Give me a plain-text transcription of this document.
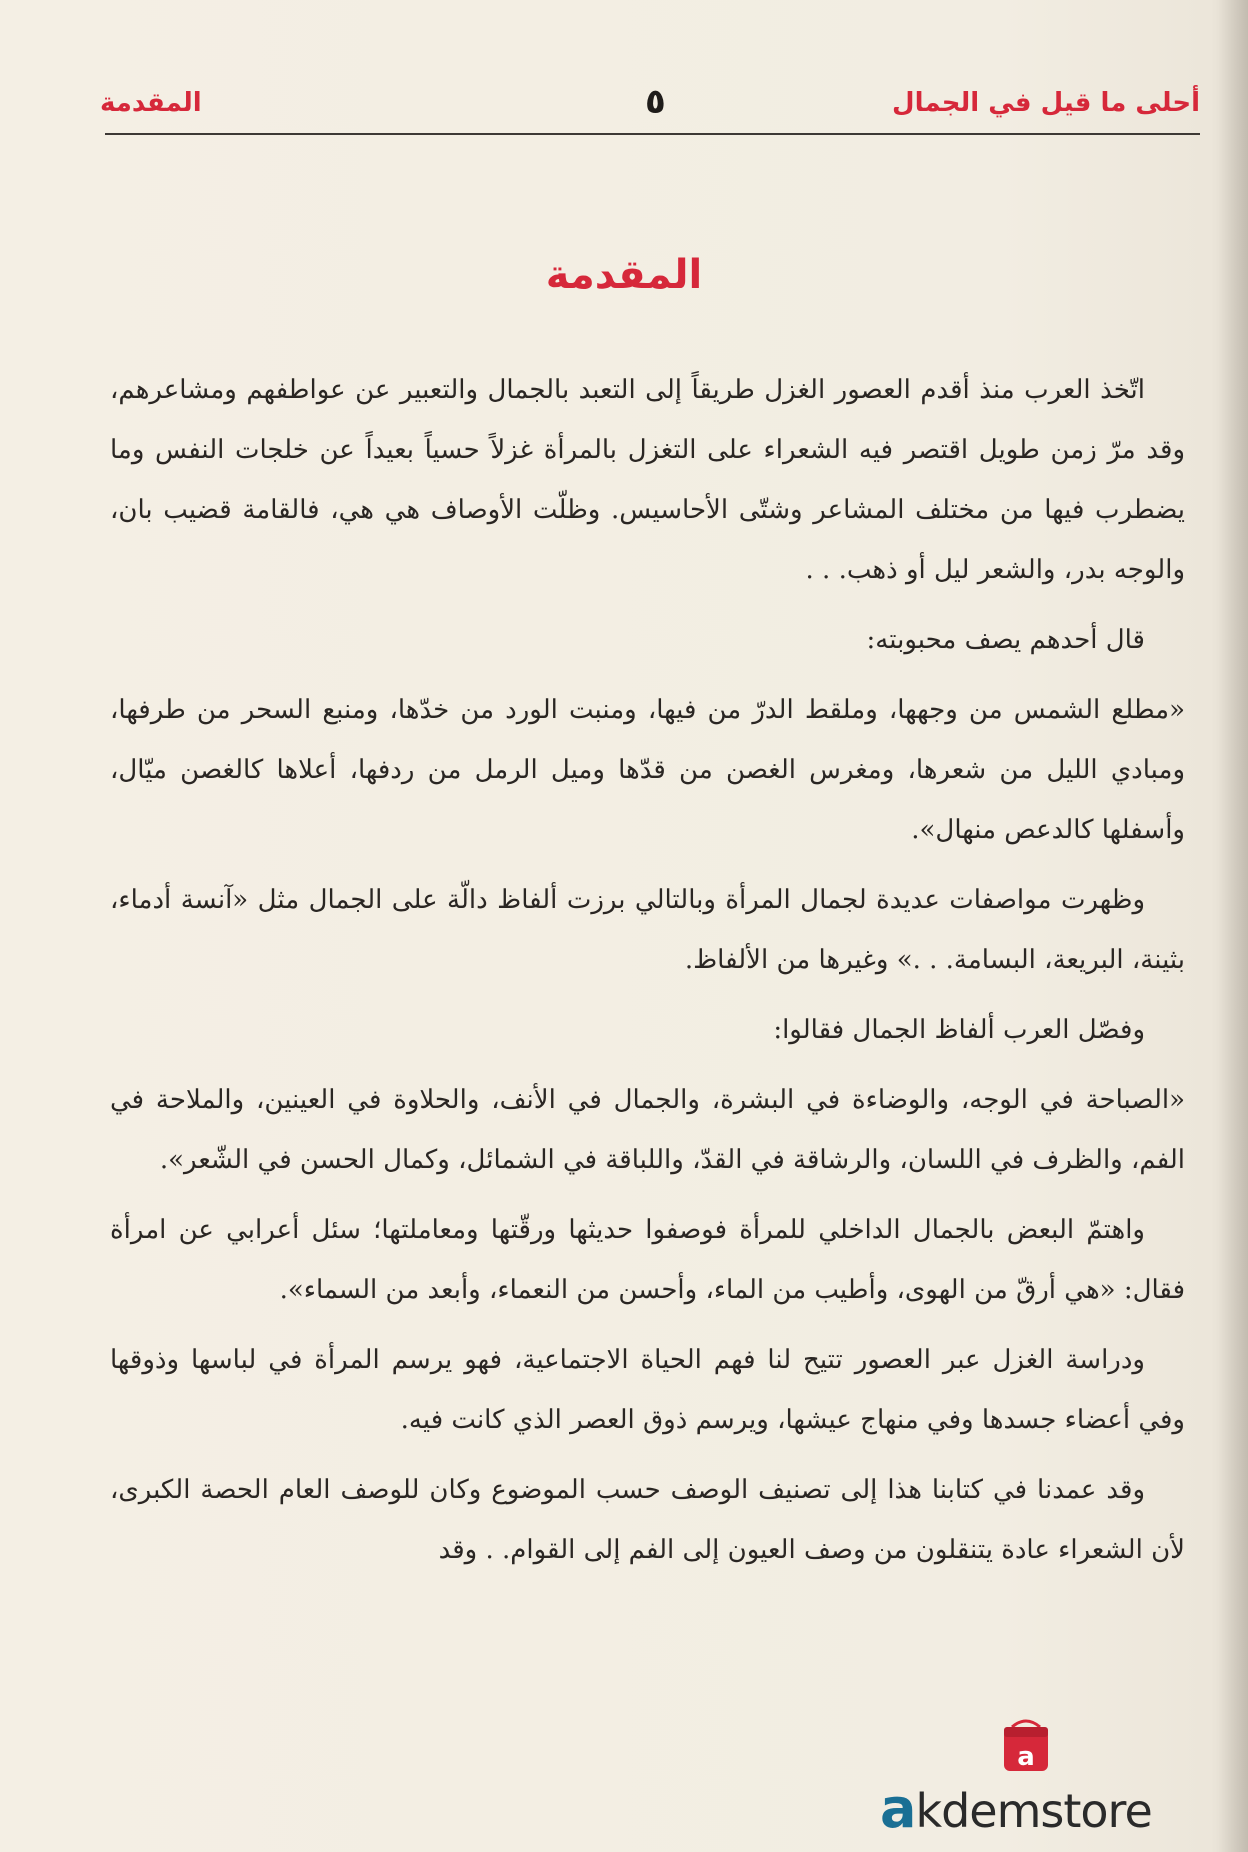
المقدمة	٥	أحلى ما قيل في الجمال
المقدمة

اتّخذ العرب منذ أقدم العصور الغزل طريقاً إلى التعبد بالجمال والتعبير عن عواطفهم ومشاعرهم، وقد مرّ زمن طويل اقتصر فيه الشعراء على التغزل بالمرأة غزلاً حسياً بعيداً عن خلجات النفس وما يضطرب فيها من مختلف المشاعر وشتّى الأحاسيس. وظلّت الأوصاف هي هي، فالقامة قضيب بان، والوجه بدر، والشعر ليل أو ذهب. . .

قال أحدهم يصف محبوبته:

«مطلع الشمس من وجهها، وملقط الدرّ من فيها، ومنبت الورد من خدّها، ومنبع السحر من طرفها، ومبادي الليل من شعرها، ومغرس الغصن من قدّها وميل الرمل من ردفها، أعلاها كالغصن ميّال، وأسفلها كالدعص منهال».

وظهرت مواصفات عديدة لجمال المرأة وبالتالي برزت ألفاظ دالّة على الجمال مثل «آنسة أدماء، بثينة، البريعة، البسامة. . .» وغيرها من الألفاظ.

وفصّل العرب ألفاظ الجمال فقالوا:

«الصباحة في الوجه، والوضاءة في البشرة، والجمال في الأنف، والحلاوة في العينين، والملاحة في الفم، والظرف في اللسان، والرشاقة في القدّ، واللباقة في الشمائل، وكمال الحسن في الشّعر».

واهتمّ البعض بالجمال الداخلي للمرأة فوصفوا حديثها ورقّتها ومعاملتها؛ سئل أعرابي عن امرأة فقال: «هي أرقّ من الهوى، وأطيب من الماء، وأحسن من النعماء، وأبعد من السماء».

ودراسة الغزل عبر العصور تتيح لنا فهم الحياة الاجتماعية، فهو يرسم المرأة في لباسها وذوقها وفي أعضاء جسدها وفي منهاج عيشها، ويرسم ذوق العصر الذي كانت فيه.

وقد عمدنا في كتابنا هذا إلى تصنيف الوصف حسب الموضوع وكان للوصف العام الحصة الكبرى، لأن الشعراء عادة يتنقلون من وصف العيون إلى الفم إلى القوام. . وقد

a
akdemstore
